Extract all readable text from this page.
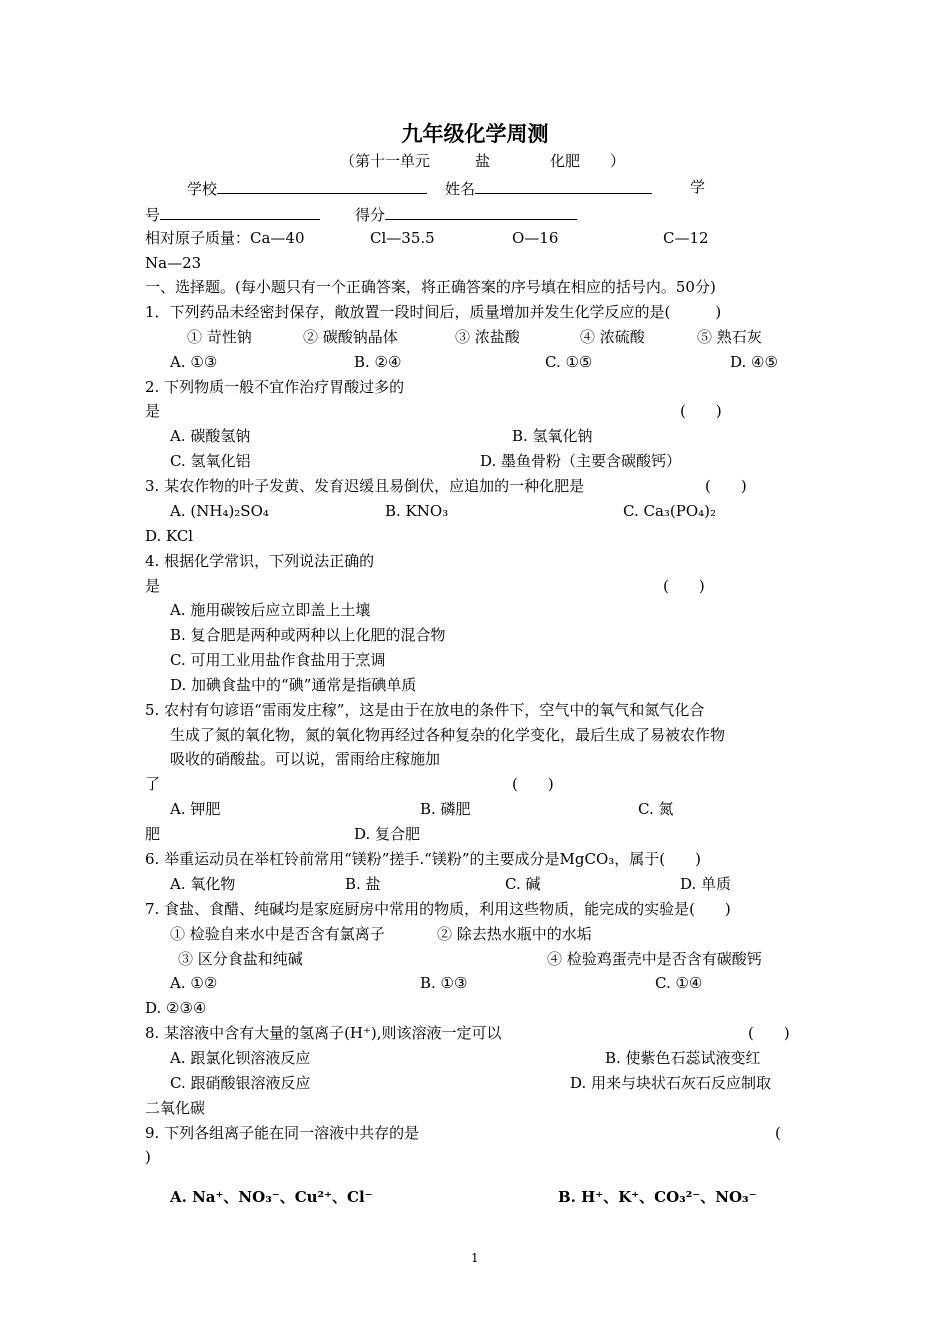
九年级化学周测
（第十一单元　　　盐　　　　化肥　　）
学校	姓名	学
号	得分
相对原子质量：Ca—40	Cl—35.5	O—16	C—12
Na—23
一、选择题。(每小题只有一个正确答案，将正确答案的序号填在相应的括号内。50分)
1．下列药品未经密封保存，敞放置一段时间后，质量增加并发生化学反应的是(　　　)
① 苛性钠	② 碳酸钠晶体	③ 浓盐酸	④ 浓硫酸	⑤ 熟石灰
A. ①③	B. ②④	C. ①⑤	D. ④⑤
2. 下列物质一般不宜作治疗胃酸过多的
是	(　　)
A. 碳酸氢钠	B. 氢氧化钠
C. 氢氧化铝	D. 墨鱼骨粉（主要含碳酸钙）
3. 某农作物的叶子发黄、发育迟缓且易倒伏，应追加的一种化肥是	(　　)
A. (NH₄)₂SO₄	B. KNO₃	C. Ca₃(PO₄)₂
D. KCl
4. 根据化学常识，下列说法正确的
是	(　　)
A. 施用碳铵后应立即盖上土壤
B. 复合肥是两种或两种以上化肥的混合物
C. 可用工业用盐作食盐用于烹调
D. 加碘食盐中的“碘”通常是指碘单质
5. 农村有句谚语“雷雨发庄稼”，这是由于在放电的条件下，空气中的氧气和氮气化合
生成了氮的氧化物，氮的氧化物再经过各种复杂的化学变化，最后生成了易被农作物
吸收的硝酸盐。可以说，雷雨给庄稼施加
了	(　　)
A. 钾肥	B. 磷肥	C. 氮
肥	D. 复合肥
6. 举重运动员在举杠铃前常用“镁粉”搓手.“镁粉”的主要成分是MgCO₃，属于(　　)
A. 氧化物	B. 盐	C. 碱	D. 单质
7. 食盐、食醋、纯碱均是家庭厨房中常用的物质，利用这些物质，能完成的实验是(　　)
① 检验自来水中是否含有氯离子	② 除去热水瓶中的水垢
③ 区分食盐和纯碱	④ 检验鸡蛋壳中是否含有碳酸钙
A. ①②	B. ①③	C. ①④
D. ②③④
8. 某溶液中含有大量的氢离子(H⁺),则该溶液一定可以	(　　)
A. 跟氯化钡溶液反应	B. 使紫色石蕊试液变红
C. 跟硝酸银溶液反应	D. 用来与块状石灰石反应制取
二氧化碳
9. 下列各组离子能在同一溶液中共存的是	(
)
A. Na⁺、NO₃⁻、Cu²⁺、Cl⁻	B. H⁺、K⁺、CO₃²⁻、NO₃⁻
1
